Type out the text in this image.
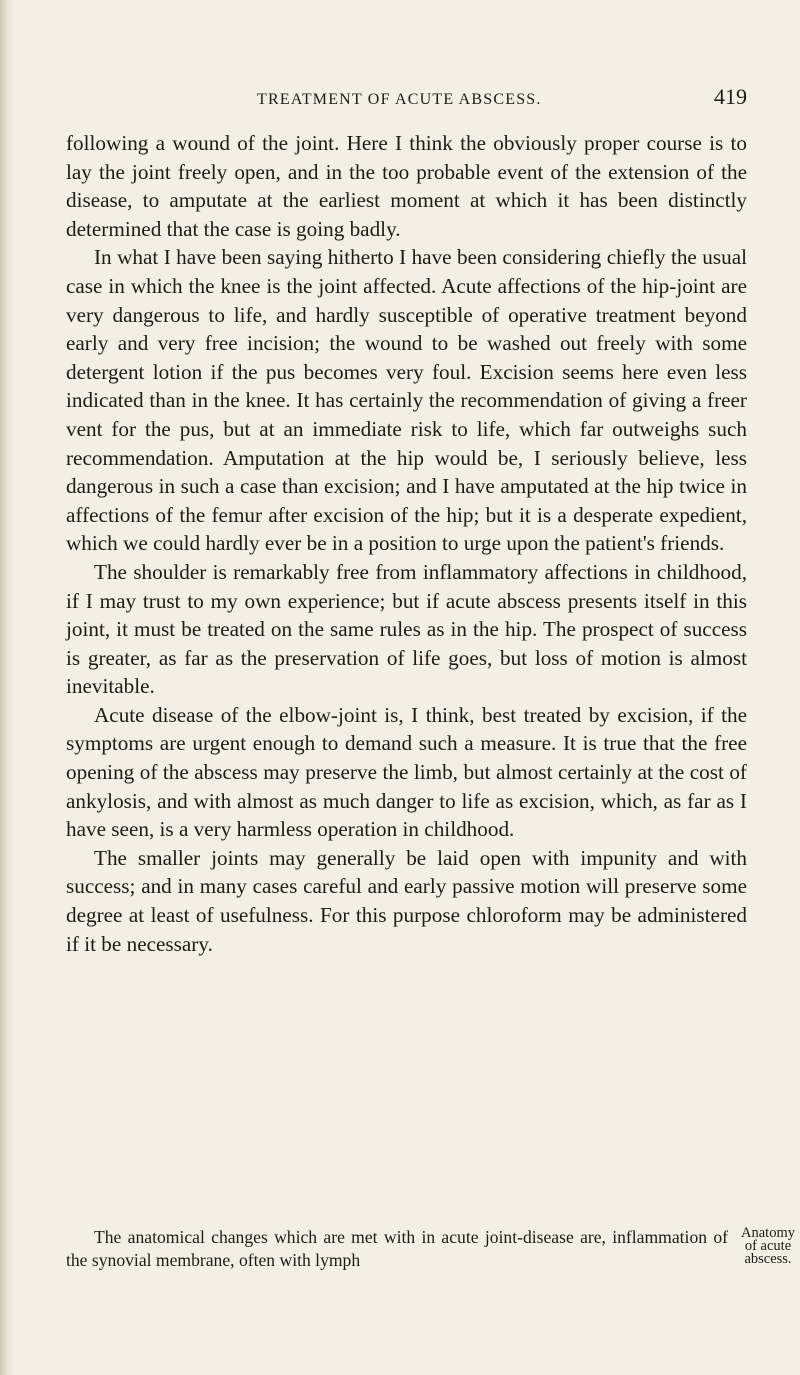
TREATMENT OF ACUTE ABSCESS.	419

following a wound of the joint. Here I think the obviously proper course is to lay the joint freely open, and in the too probable event of the extension of the disease, to amputate at the earliest moment at which it has been distinctly determined that the case is going badly.

In what I have been saying hitherto I have been considering chiefly the usual case in which the knee is the joint affected. Acute affections of the hip-joint are very dangerous to life, and hardly susceptible of operative treatment beyond early and very free incision; the wound to be washed out freely with some detergent lotion if the pus becomes very foul. Excision seems here even less indicated than in the knee. It has certainly the recommendation of giving a freer vent for the pus, but at an immediate risk to life, which far outweighs such recommendation. Amputation at the hip would be, I seriously believe, less dangerous in such a case than excision; and I have amputated at the hip twice in affections of the femur after excision of the hip; but it is a desperate expedient, which we could hardly ever be in a position to urge upon the patient's friends.

The shoulder is remarkably free from inflammatory affections in childhood, if I may trust to my own experience; but if acute abscess presents itself in this joint, it must be treated on the same rules as in the hip. The prospect of success is greater, as far as the preservation of life goes, but loss of motion is almost inevitable.

Acute disease of the elbow-joint is, I think, best treated by excision, if the symptoms are urgent enough to demand such a measure. It is true that the free opening of the abscess may preserve the limb, but almost certainly at the cost of ankylosis, and with almost as much danger to life as excision, which, as far as I have seen, is a very harmless operation in childhood.

The smaller joints may generally be laid open with impunity and with success; and in many cases careful and early passive motion will preserve some degree at least of usefulness. For this purpose chloroform may be administered if it be necessary.

The anatomical changes which are met with in acute joint-disease are, inflammation of the synovial membrane, often with lymph

Anatomy
of acute
abscess.
